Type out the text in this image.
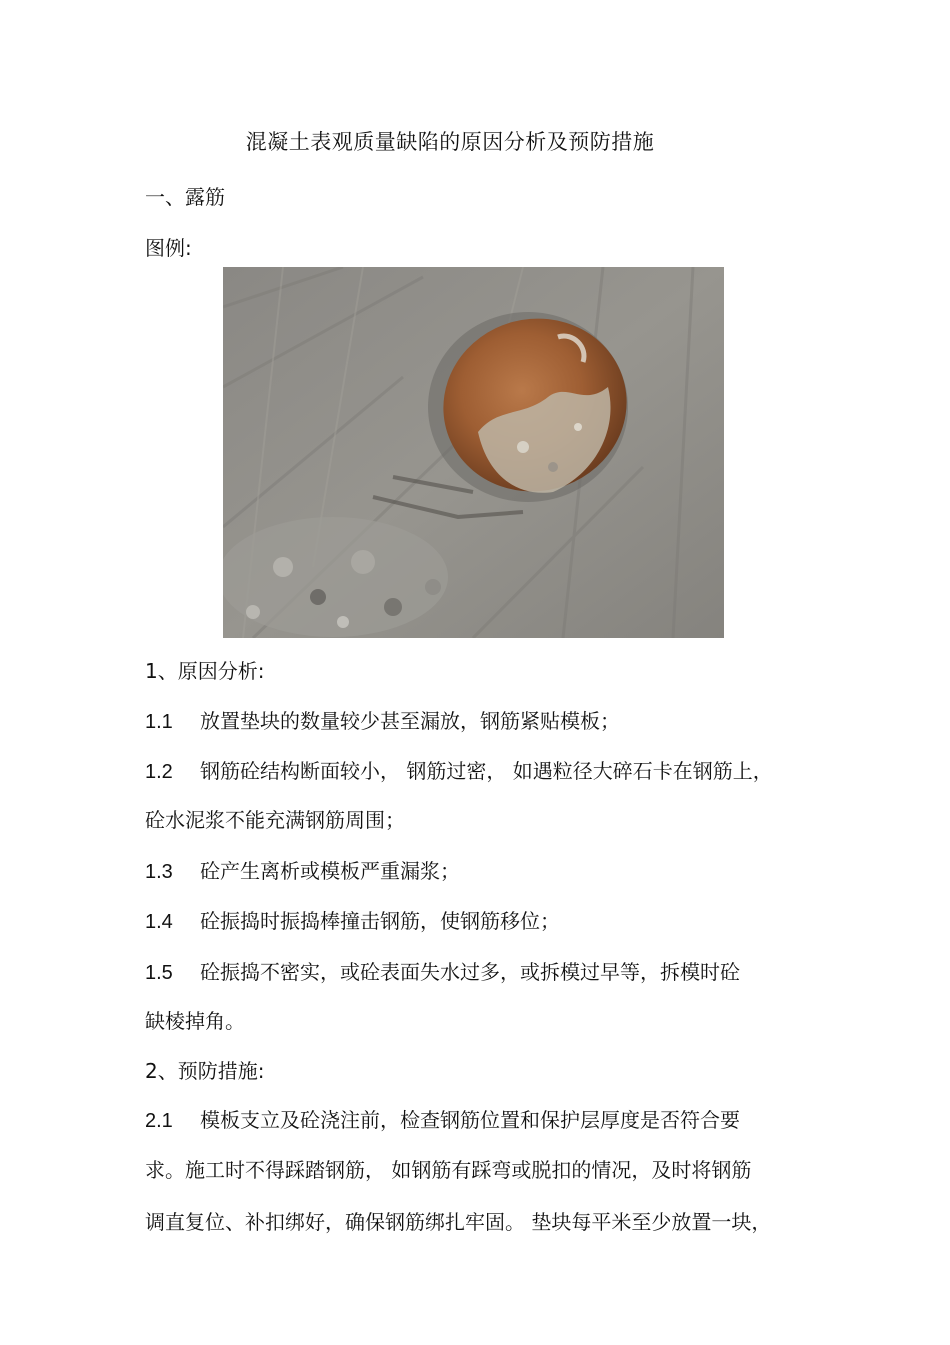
混凝土表观质量缺陷的原因分析及预防措施
一、露筋
图例:
1、原因分析:
1.1 放置垫块的数量较少甚至漏放，钢筋紧贴模板；
1.2 钢筋砼结构断面较小， 钢筋过密， 如遇粒径大碎石卡在钢筋上，
砼水泥浆不能充满钢筋周围；
1.3 砼产生离析或模板严重漏浆；
1.4 砼振捣时振捣棒撞击钢筋，使钢筋移位；
1.5 砼振捣不密实，或砼表面失水过多，或拆模过早等，拆模时砼
缺棱掉角。
2、预防措施:
2.1 模板支立及砼浇注前，检查钢筋位置和保护层厚度是否符合要
求。施工时不得踩踏钢筋， 如钢筋有踩弯或脱扣的情况，及时将钢筋
调直复位、补扣绑好，确保钢筋绑扎牢固。 垫块每平米至少放置一块，
